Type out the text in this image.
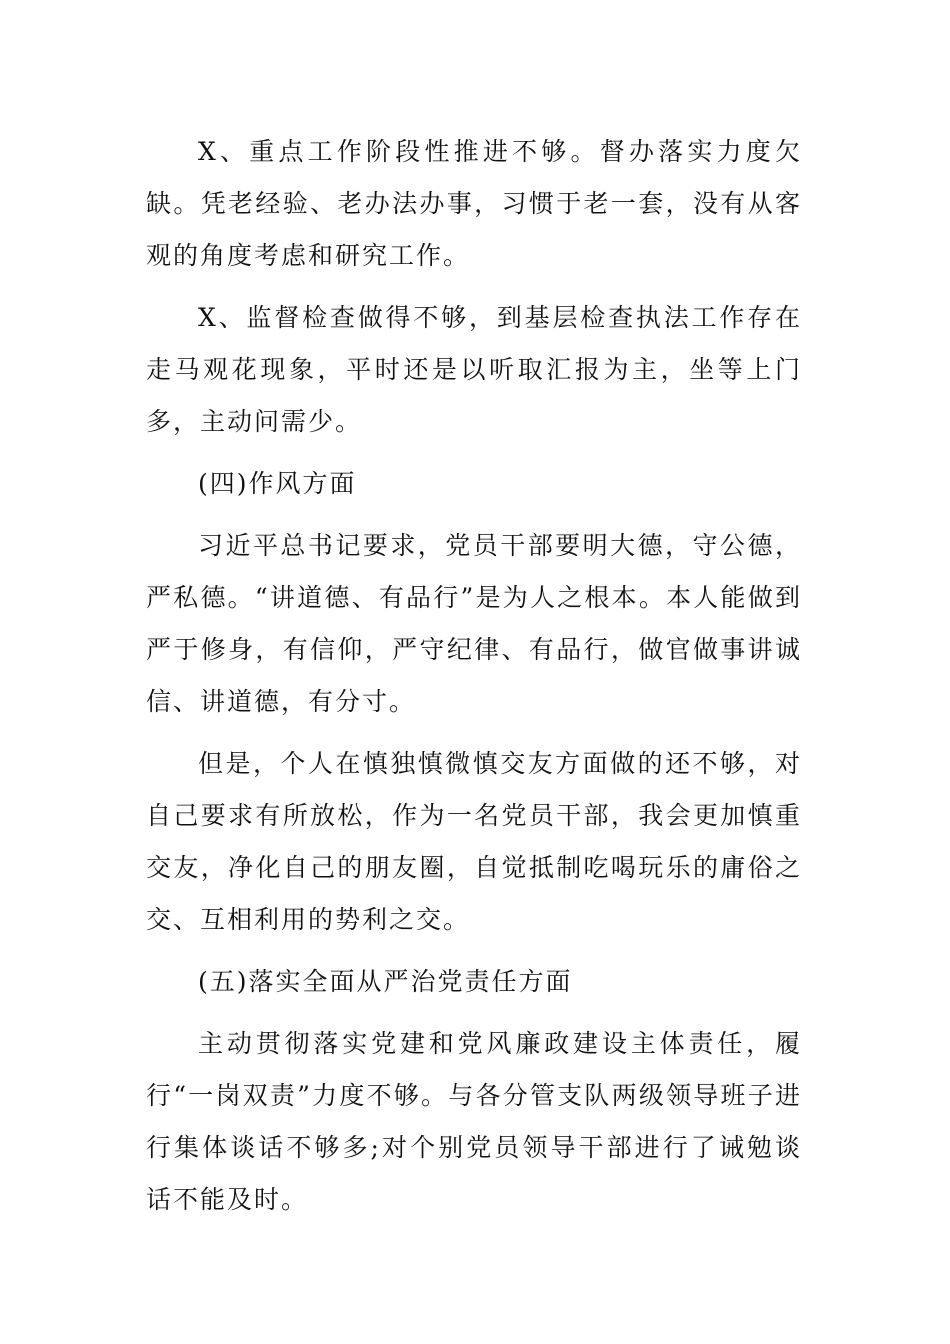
X、重点工作阶段性推进不够。督办落实力度欠缺。凭老经验、老办法办事，习惯于老一套，没有从客观的角度考虑和研究工作。

X、监督检查做得不够，到基层检查执法工作存在走马观花现象，平时还是以听取汇报为主，坐等上门多，主动问需少。

(四)作风方面

习近平总书记要求，党员干部要明大德，守公德，严私德。“讲道德、有品行”是为人之根本。本人能做到严于修身，有信仰，严守纪律、有品行，做官做事讲诚信、讲道德，有分寸。

但是，个人在慎独慎微慎交友方面做的还不够，对自己要求有所放松，作为一名党员干部，我会更加慎重交友，净化自己的朋友圈，自觉抵制吃喝玩乐的庸俗之交、互相利用的势利之交。

(五)落实全面从严治党责任方面

主动贯彻落实党建和党风廉政建设主体责任，履行“一岗双责”力度不够。与各分管支队两级领导班子进行集体谈话不够多;对个别党员领导干部进行了诫勉谈话不能及时。
